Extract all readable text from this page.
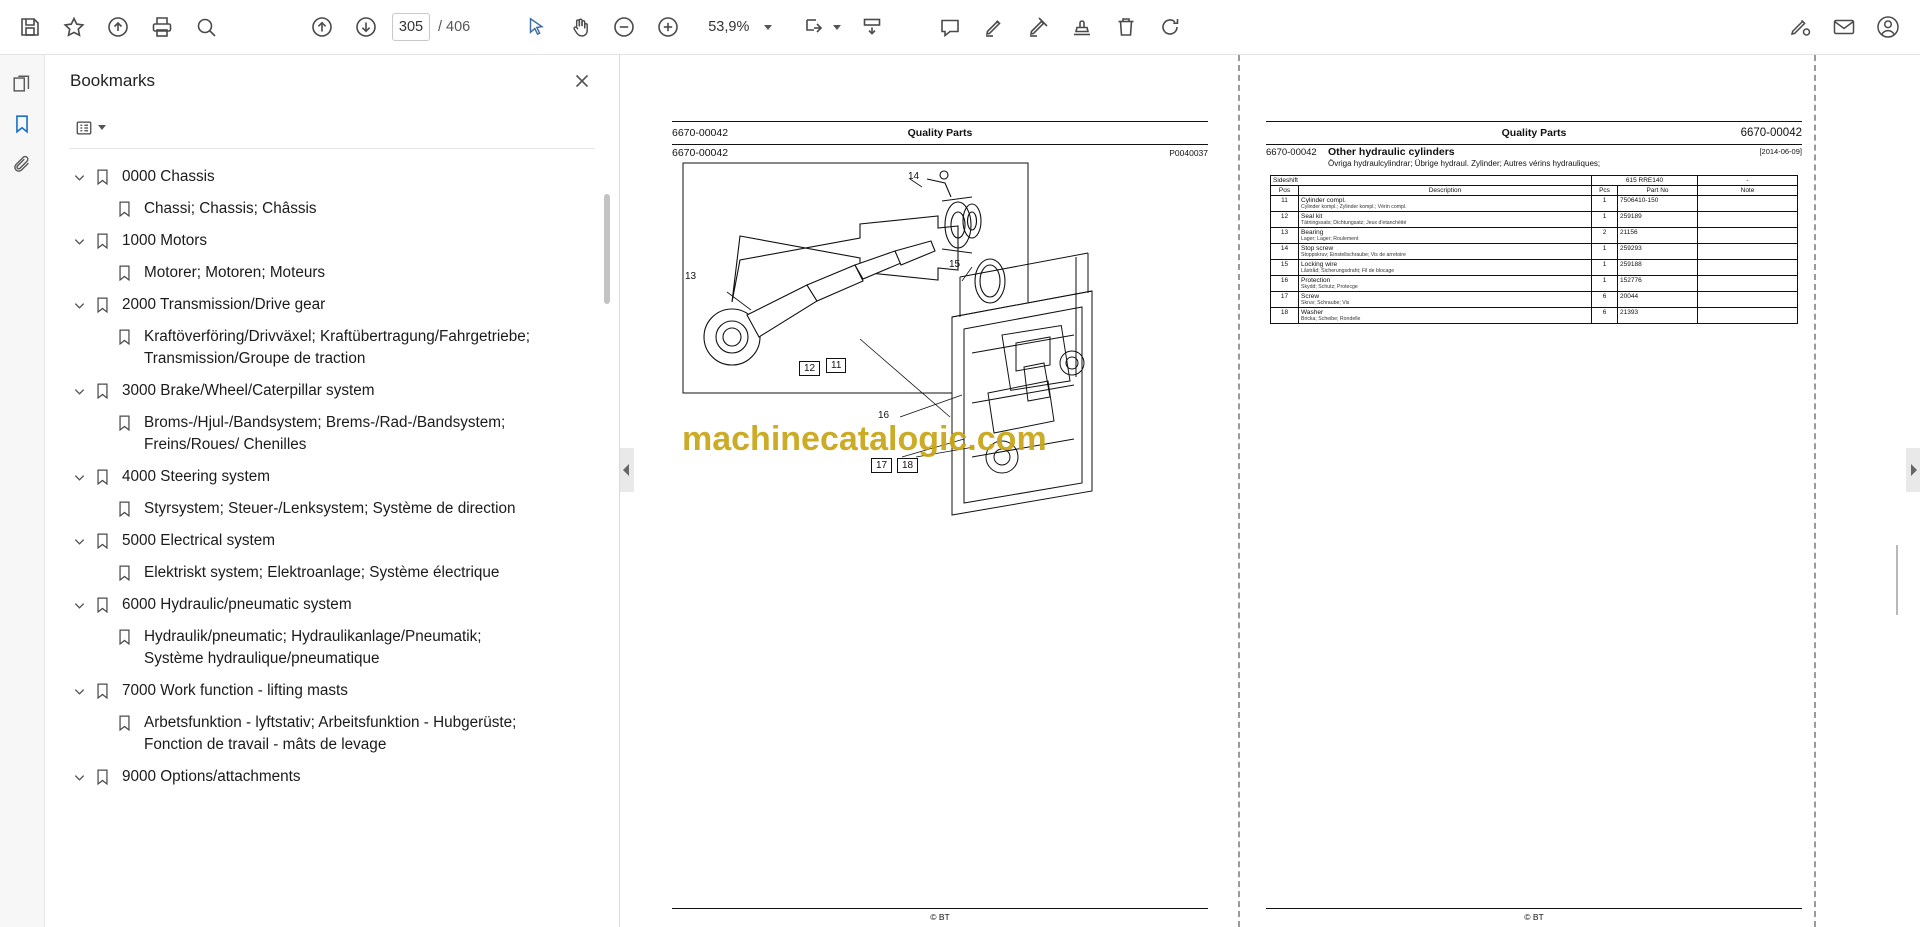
305 / 406	53,9%
Bookmarks
0000 Chassis
Chassi; Chassis; Châssis
1000 Motors
Motorer; Motoren; Moteurs
2000 Transmission/Drive gear
Kraftöverföring/Drivväxel; Kraftübertragung/Fahrgetriebe; Transmission/Groupe de traction
3000 Brake/Wheel/Caterpillar system
Broms-/Hjul-/Bandsystem; Brems-/Rad-/Bandsystem; Freins/Roues/ Chenilles
4000 Steering system
Styrsystem; Steuer-/Lenksystem; Système de direction
5000 Electrical system
Elektriskt system; Elektroanlage; Système électrique
6000 Hydraulic/pneumatic system
Hydraulik/pneumatic; Hydraulikanlage/Pneumatik; Système hydraulique/pneumatique
7000 Work function - lifting masts
Arbetsfunktion - lyftstativ; Arbeitsfunktion - Hubgerüste; Fonction de travail - mâts de levage
9000 Options/attachments
6670-00042	Quality Parts
6670-00042	P0040037
14
15
13
12	11
16
17	18
machinecatalogic.com
© BT
Quality Parts	6670-00042
6670-00042 Other hydraulic cylinders	[2014-06-09]
Övriga hydraulcylindrar; Übrige hydraul. Zylinder; Autres vérins hydrauliques;
Sideshift		615 RRE140		-
Pos	Description	Pcs	Part No	Note
11	Cylinder compl.
Cylinder kompl.; Zylinder kompl.; Vérin compl.	1	7506410-150	
12	Seal kit
Tätningssats; Dichtungsatz; Jeux d'etanchéité	1	259189	
13	Bearing
Lager; Lager; Roulement	2	21156	
14	Stop screw
Stoppskruv; Einstellschraube; Vis de arretoire	1	259293	
15	Locking wire
Låstråd; Sicherungsdraht; Fil de blocage	1	259188	
16	Protection
Skydd; Schutz; Protecge	1	152776	
17	Screw
Skruv; Schraube; Vis	6	20044	
18	Washer
Bricka; Scheibe; Rondelle	6	21393	
© BT
